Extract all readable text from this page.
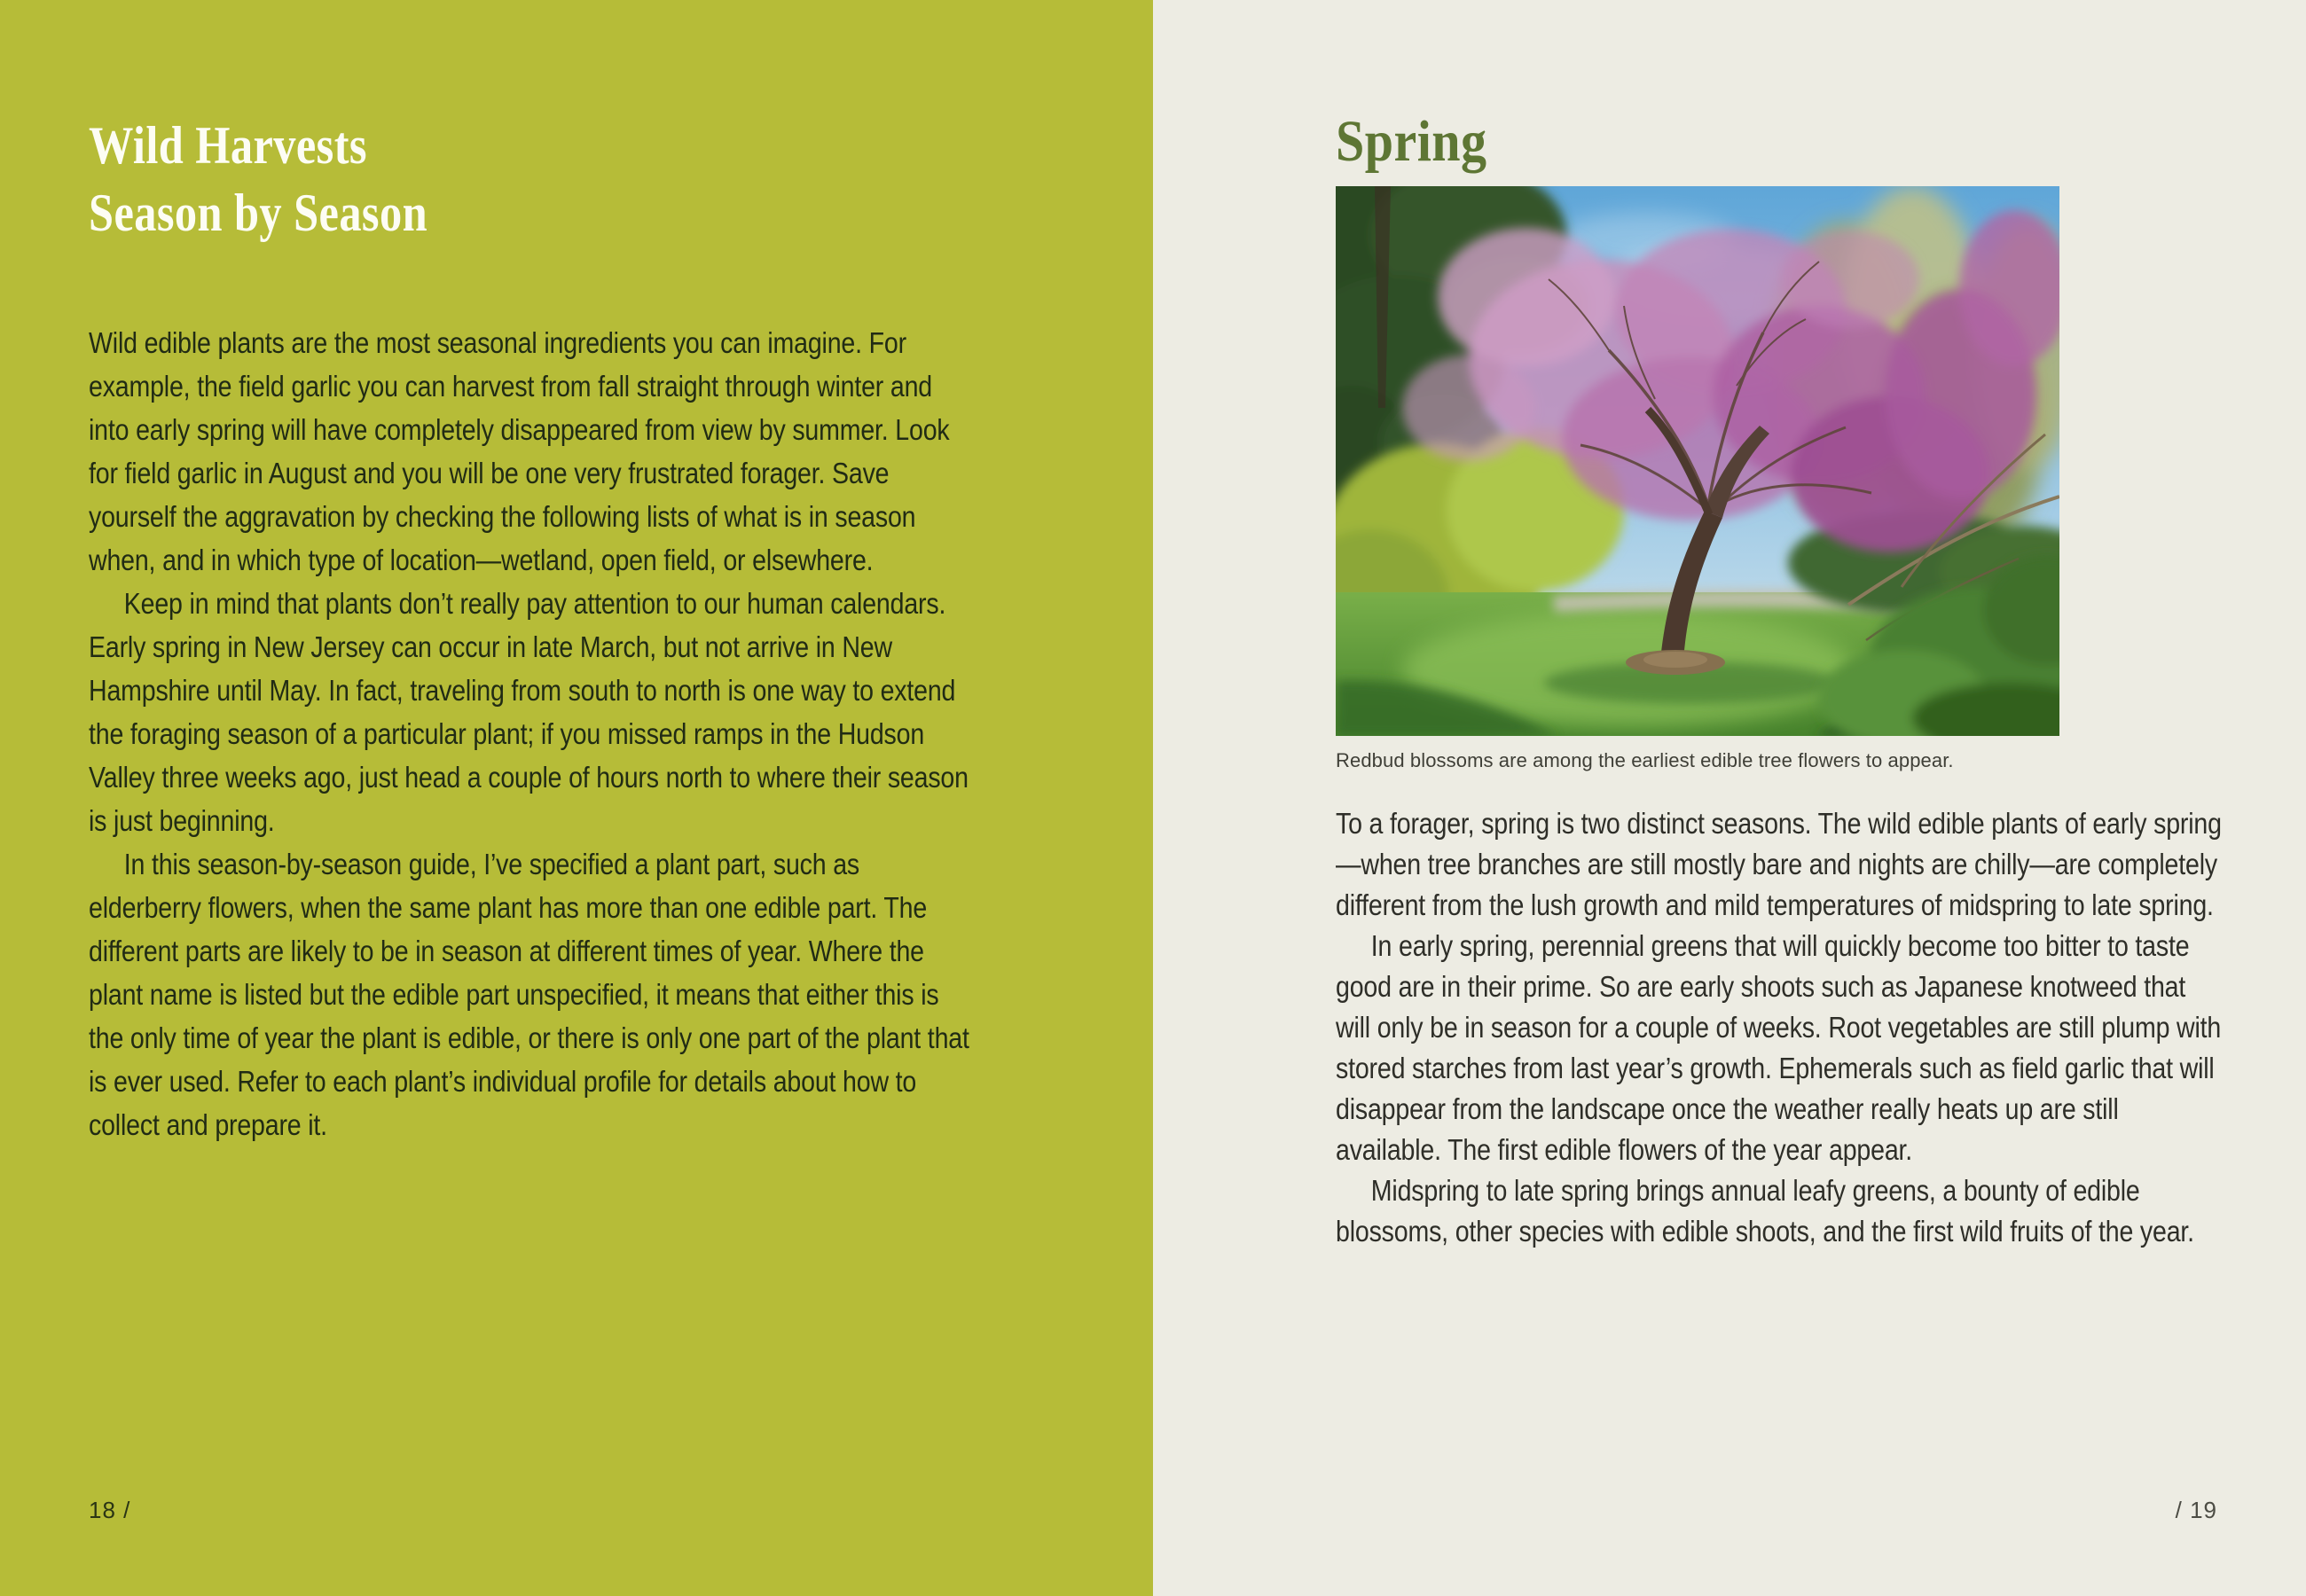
Wild Harvests
Season by Season

Wild edible plants are the most seasonal ingredients you can imagine. For example, the field garlic you can harvest from fall straight through winter and into early spring will have completely disappeared from view by summer. Look for field garlic in August and you will be one very frustrated forager. Save yourself the aggravation by checking the following lists of what is in season when, and in which type of location—wetland, open field, or elsewhere.

Keep in mind that plants don’t really pay attention to our human calendars. Early spring in New Jersey can occur in late March, but not arrive in New Hampshire until May. In fact, traveling from south to north is one way to extend the foraging season of a particular plant; if you missed ramps in the Hudson Valley three weeks ago, just head a couple of hours north to where their season is just beginning.

In this season-by-season guide, I’ve specified a plant part, such as elderberry flowers, when the same plant has more than one edible part. The different parts are likely to be in season at different times of year. Where the plant name is listed but the edible part unspecified, it means that either this is the only time of year the plant is edible, or there is only one part of the plant that is ever used. Refer to each plant’s individual profile for details about how to collect and prepare it.

18 /
Spring
Redbud blossoms are among the earliest edible tree flowers to appear.

To a forager, spring is two distinct seasons. The wild edible plants of early spring—when tree branches are still mostly bare and nights are chilly—are completely different from the lush growth and mild temperatures of midspring to late spring.

In early spring, perennial greens that will quickly become too bitter to taste good are in their prime. So are early shoots such as Japanese knotweed that will only be in season for a couple of weeks. Root vegetables are still plump with stored starches from last year’s growth. Ephemerals such as field garlic that will disappear from the landscape once the weather really heats up are still available. The first edible flowers of the year appear.

Midspring to late spring brings annual leafy greens, a bounty of edible blossoms, other species with edible shoots, and the first wild fruits of the year.

/ 19
